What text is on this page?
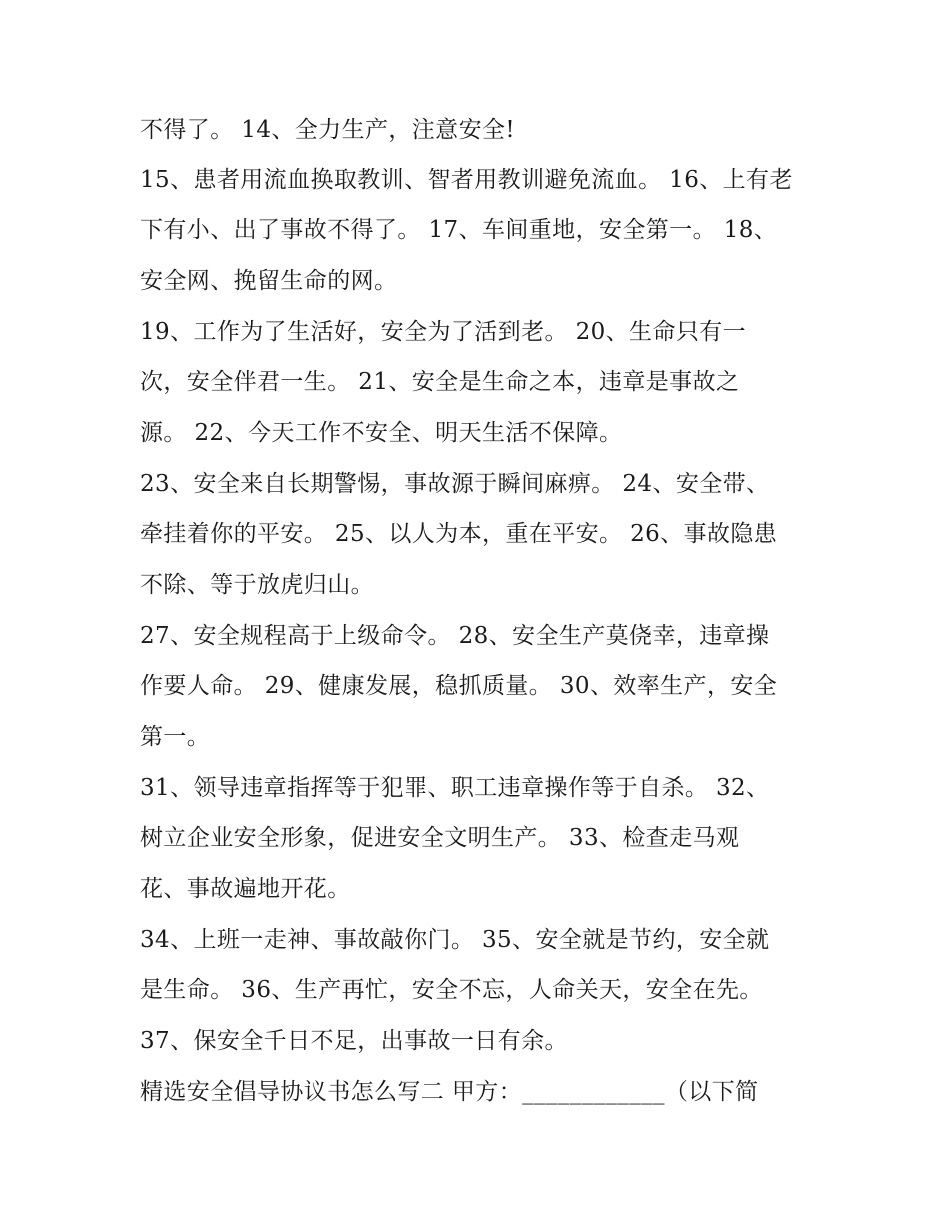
不得了。 14、全力生产，注意安全!
15、患者用流血换取教训、智者用教训避免流血。 16、上有老
下有小、出了事故不得了。 17、车间重地，安全第一。 18、
安全网、挽留生命的网。
19、工作为了生活好，安全为了活到老。 20、生命只有一
次，安全伴君一生。 21、安全是生命之本，违章是事故之
源。 22、今天工作不安全、明天生活不保障。
23、安全来自长期警惕，事故源于瞬间麻痹。 24、安全带、
牵挂着你的平安。 25、以人为本，重在平安。 26、事故隐患
不除、等于放虎归山。
27、安全规程高于上级命令。 28、安全生产莫侥幸，违章操
作要人命。 29、健康发展，稳抓质量。 30、效率生产，安全
第一。
31、领导违章指挥等于犯罪、职工违章操作等于自杀。 32、
树立企业安全形象，促进安全文明生产。 33、检查走马观
花、事故遍地开花。
34、上班一走神、事故敲你门。 35、安全就是节约，安全就
是生命。 36、生产再忙，安全不忘，人命关天，安全在先。
37、保安全千日不足，出事故一日有余。
精选安全倡导协议书怎么写二 甲方：____________（以下简
